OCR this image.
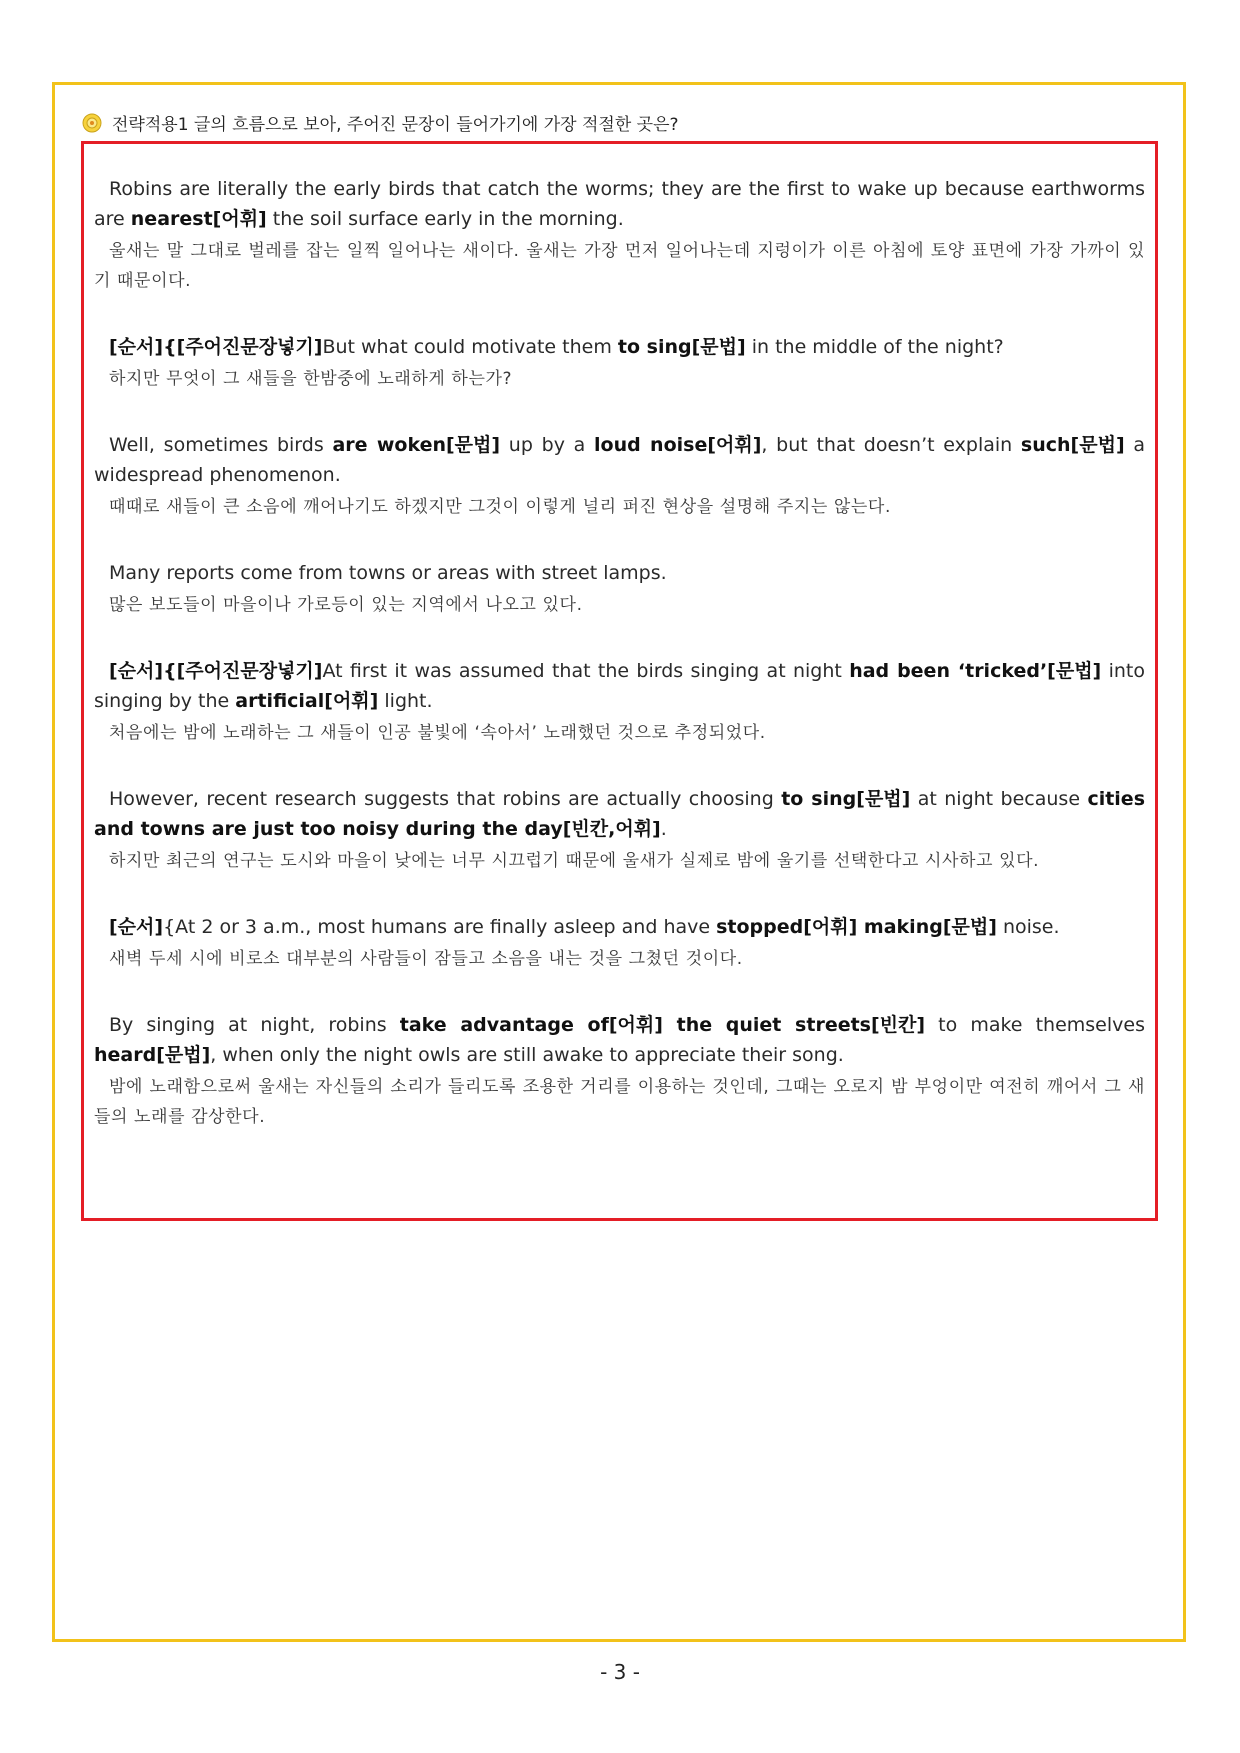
전략적용1 글의 흐름으로 보아, 주어진 문장이 들어가기에 가장 적절한 곳은?
Robins are literally the early birds that catch the worms; they are the first to wake up because earthworms are nearest[어휘] the soil surface early in the morning.
울새는 말 그대로 벌레를 잡는 일찍 일어나는 새이다. 울새는 가장 먼저 일어나는데 지렁이가 이른 아침에 토양 표면에 가장 가까이 있기 때문이다.
[순서]{[주어진문장넣기]But what could motivate them to sing[문법] in the middle of the night?
하지만 무엇이 그 새들을 한밤중에 노래하게 하는가?
Well, sometimes birds are woken[문법] up by a loud noise[어휘], but that doesn’t explain such[문법] a widespread phenomenon.
때때로 새들이 큰 소음에 깨어나기도 하겠지만 그것이 이렇게 널리 퍼진 현상을 설명해 주지는 않는다.
Many reports come from towns or areas with street lamps.
많은 보도들이 마을이나 가로등이 있는 지역에서 나오고 있다.
[순서]{[주어진문장넣기]At first it was assumed that the birds singing at night had been ‘tricked’[문법] into singing by the artificial[어휘] light.
처음에는 밤에 노래하는 그 새들이 인공 불빛에 ‘속아서’ 노래했던 것으로 추정되었다.
However, recent research suggests that robins are actually choosing to sing[문법] at night because cities and towns are just too noisy during the day[빈칸,어휘].
하지만 최근의 연구는 도시와 마을이 낮에는 너무 시끄럽기 때문에 울새가 실제로 밤에 울기를 선택한다고 시사하고 있다.
[순서]{At 2 or 3 a.m., most humans are finally asleep and have stopped[어휘] making[문법] noise.
새벽 두세 시에 비로소 대부분의 사람들이 잠들고 소음을 내는 것을 그쳤던 것이다.
By singing at night, robins take advantage of[어휘] the quiet streets[빈칸] to make themselves heard[문법], when only the night owls are still awake to appreciate their song.
밤에 노래함으로써 울새는 자신들의 소리가 들리도록 조용한 거리를 이용하는 것인데, 그때는 오로지 밤 부엉이만 여전히 깨어서 그 새들의 노래를 감상한다.
- 3 -
